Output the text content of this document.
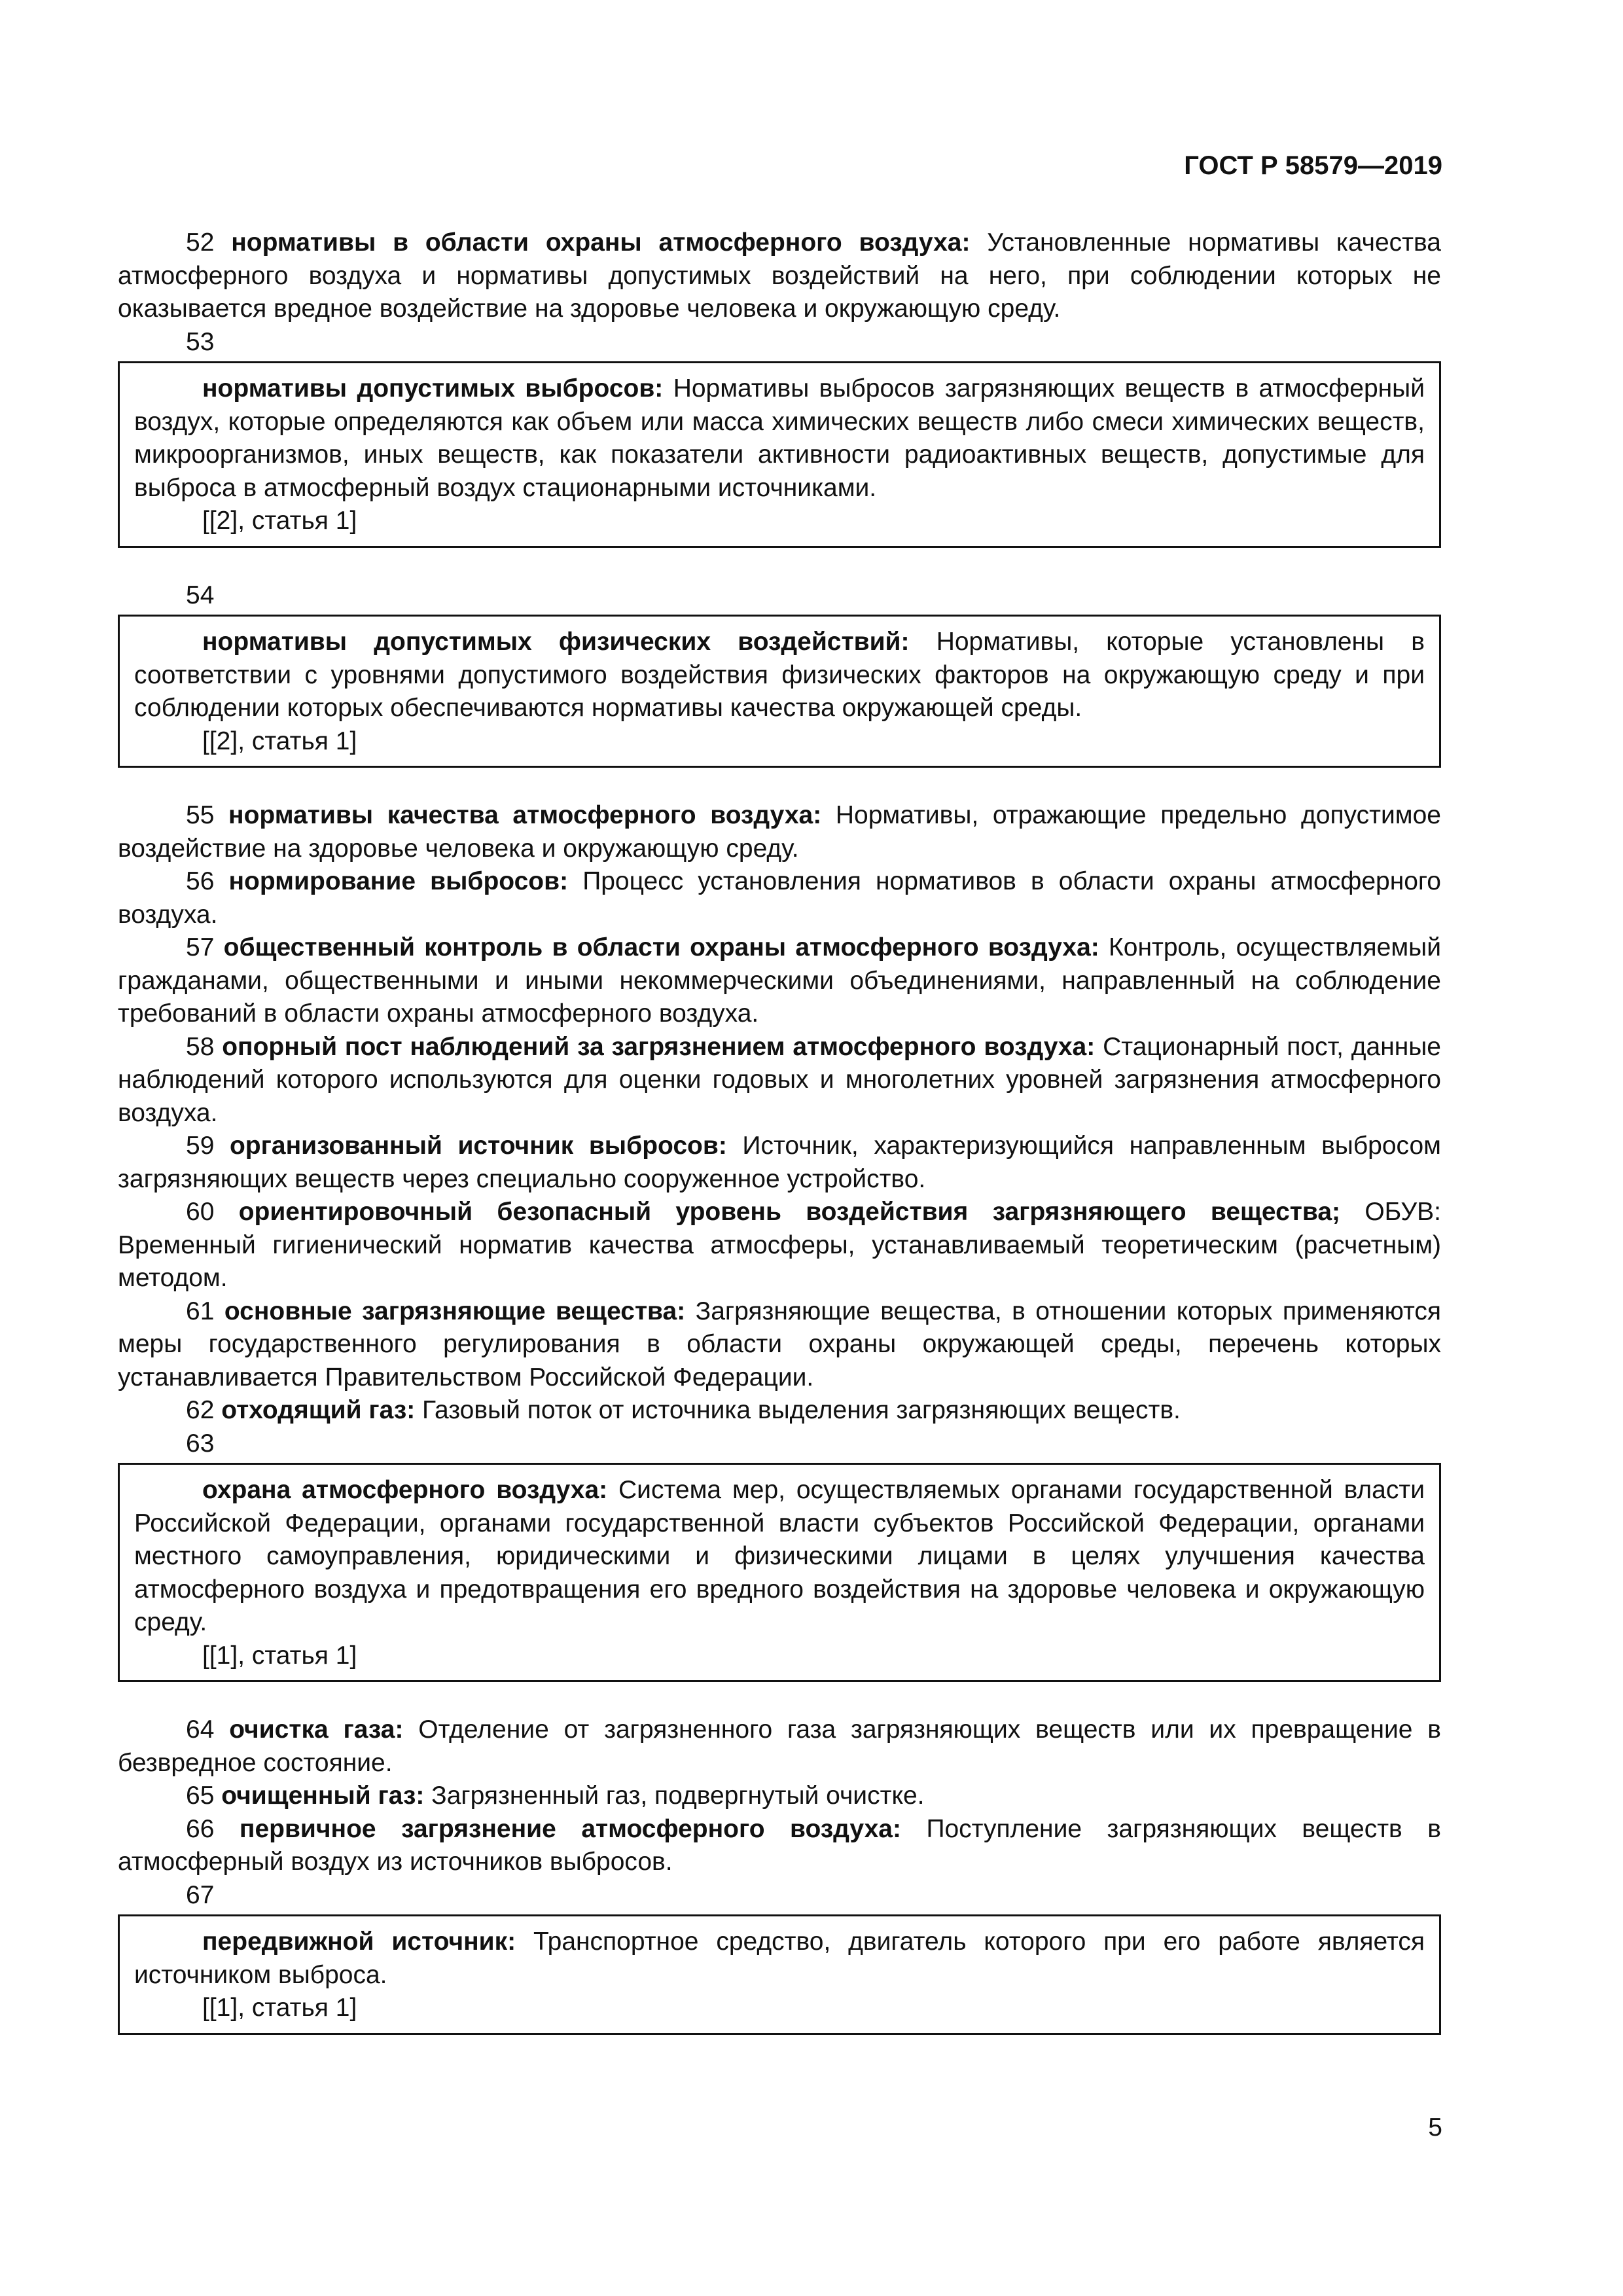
ГОСТ Р 58579—2019

52 нормативы в области охраны атмосферного воздуха: Установленные нормативы качества атмосферного воздуха и нормативы допустимых воздействий на него, при соблюдении которых не оказывается вредное воздействие на здоровье человека и окружающую среду.

53

нормативы допустимых выбросов: Нормативы выбросов загрязняющих веществ в атмосферный воздух, которые определяются как объем или масса химических веществ либо смеси химических веществ, микроорганизмов, иных веществ, как показатели активности радиоактивных веществ, допустимые для выброса в атмосферный воздух стационарными источниками.

[[2], статья 1]

54

нормативы допустимых физических воздействий: Нормативы, которые установлены в соответствии с уровнями допустимого воздействия физических факторов на окружающую среду и при соблюдении которых обеспечиваются нормативы качества окружающей среды.

[[2], статья 1]

55 нормативы качества атмосферного воздуха: Нормативы, отражающие предельно допустимое воздействие на здоровье человека и окружающую среду.

56 нормирование выбросов: Процесс установления нормативов в области охраны атмосферного воздуха.

57 общественный контроль в области охраны атмосферного воздуха: Контроль, осуществляемый гражданами, общественными и иными некоммерческими объединениями, направленный на соблюдение требований в области охраны атмосферного воздуха.

58 опорный пост наблюдений за загрязнением атмосферного воздуха: Стационарный пост, данные наблюдений которого используются для оценки годовых и многолетних уровней загрязнения атмосферного воздуха.

59 организованный источник выбросов: Источник, характеризующийся направленным выбросом загрязняющих веществ через специально сооруженное устройство.

60 ориентировочный безопасный уровень воздействия загрязняющего вещества; ОБУВ: Временный гигиенический норматив качества атмосферы, устанавливаемый теоретическим (расчетным) методом.

61 основные загрязняющие вещества: Загрязняющие вещества, в отношении которых применяются меры государственного регулирования в области охраны окружающей среды, перечень которых устанавливается Правительством Российской Федерации.

62 отходящий газ: Газовый поток от источника выделения загрязняющих веществ.

63

охрана атмосферного воздуха: Система мер, осуществляемых органами государственной власти Российской Федерации, органами государственной власти субъектов Российской Федерации, органами местного самоуправления, юридическими и физическими лицами в целях улучшения качества атмосферного воздуха и предотвращения его вредного воздействия на здоровье человека и окружающую среду.

[[1], статья 1]

64 очистка газа: Отделение от загрязненного газа загрязняющих веществ или их превращение в безвредное состояние.

65 очищенный газ: Загрязненный газ, подвергнутый очистке.

66 первичное загрязнение атмосферного воздуха: Поступление загрязняющих веществ в атмосферный воздух из источников выбросов.

67

передвижной источник: Транспортное средство, двигатель которого при его работе является источником выброса.

[[1], статья 1]

5
